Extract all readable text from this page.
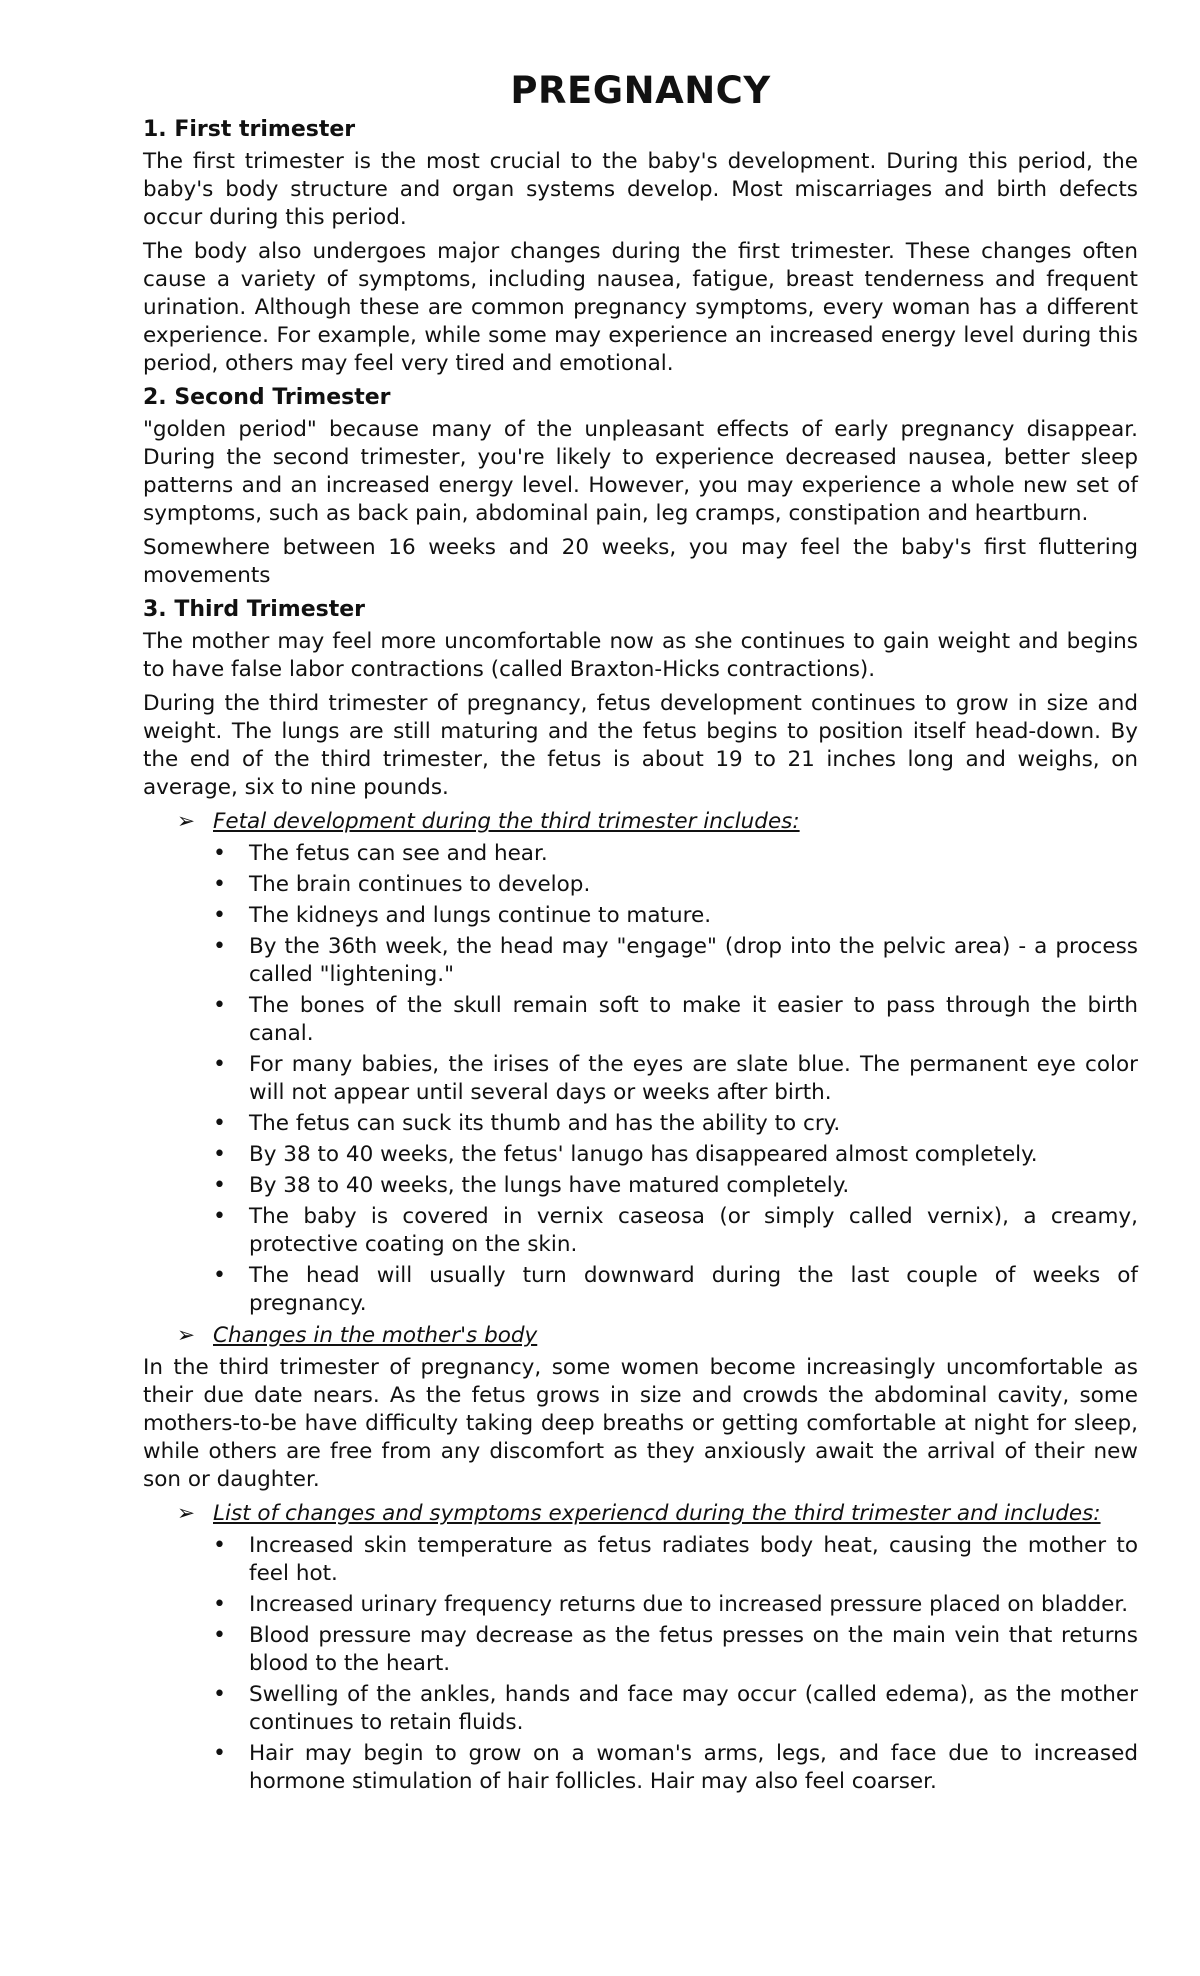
PREGNANCY
1. First trimester

The first trimester is the most crucial to the baby's development. During this period, the baby's body structure and organ systems develop. Most miscarriages and birth defects occur during this period.

The body also undergoes major changes during the first trimester. These changes often cause a variety of symptoms, including nausea, fatigue, breast tenderness and frequent urination. Although these are common pregnancy symptoms, every woman has a different experience. For example, while some may experience an increased energy level during this period, others may feel very tired and emotional.

2. Second Trimester

"golden period" because many of the unpleasant effects of early pregnancy disappear. During the second trimester, you're likely to experience decreased nausea, better sleep patterns and an increased energy level. However, you may experience a whole new set of symptoms, such as back pain, abdominal pain, leg cramps, constipation and heartburn.

Somewhere between 16 weeks and 20 weeks, you may feel the baby's first fluttering movements

3. Third Trimester

The mother may feel more uncomfortable now as she continues to gain weight and begins to have false labor contractions (called Braxton-Hicks contractions).

During the third trimester of pregnancy, fetus development continues to grow in size and weight. The lungs are still maturing and the fetus begins to position itself head-down. By the end of the third trimester, the fetus is about 19 to 21 inches long and weighs, on average, six to nine pounds.

➢ Fetal development during the third trimester includes:
• The fetus can see and hear.
• The brain continues to develop.
• The kidneys and lungs continue to mature.
• By the 36th week, the head may "engage" (drop into the pelvic area) - a process called "lightening."
• The bones of the skull remain soft to make it easier to pass through the birth canal.
• For many babies, the irises of the eyes are slate blue. The permanent eye color will not appear until several days or weeks after birth.
• The fetus can suck its thumb and has the ability to cry.
• By 38 to 40 weeks, the fetus' lanugo has disappeared almost completely.
• By 38 to 40 weeks, the lungs have matured completely.
• The baby is covered in vernix caseosa (or simply called vernix), a creamy, protective coating on the skin.
• The head will usually turn downward during the last couple of weeks of pregnancy.
➢ Changes in the mother's body

In the third trimester of pregnancy, some women become increasingly uncomfortable as their due date nears. As the fetus grows in size and crowds the abdominal cavity, some mothers-to-be have difficulty taking deep breaths or getting comfortable at night for sleep, while others are free from any discomfort as they anxiously await the arrival of their new son or daughter.

➢ List of changes and symptoms experiencd during the third trimester and includes:
• Increased skin temperature as fetus radiates body heat, causing the mother to feel hot.
• Increased urinary frequency returns due to increased pressure placed on bladder.
• Blood pressure may decrease as the fetus presses on the main vein that returns blood to the heart.
• Swelling of the ankles, hands and face may occur (called edema), as the mother continues to retain fluids.
• Hair may begin to grow on a woman's arms, legs, and face due to increased hormone stimulation of hair follicles. Hair may also feel coarser.
